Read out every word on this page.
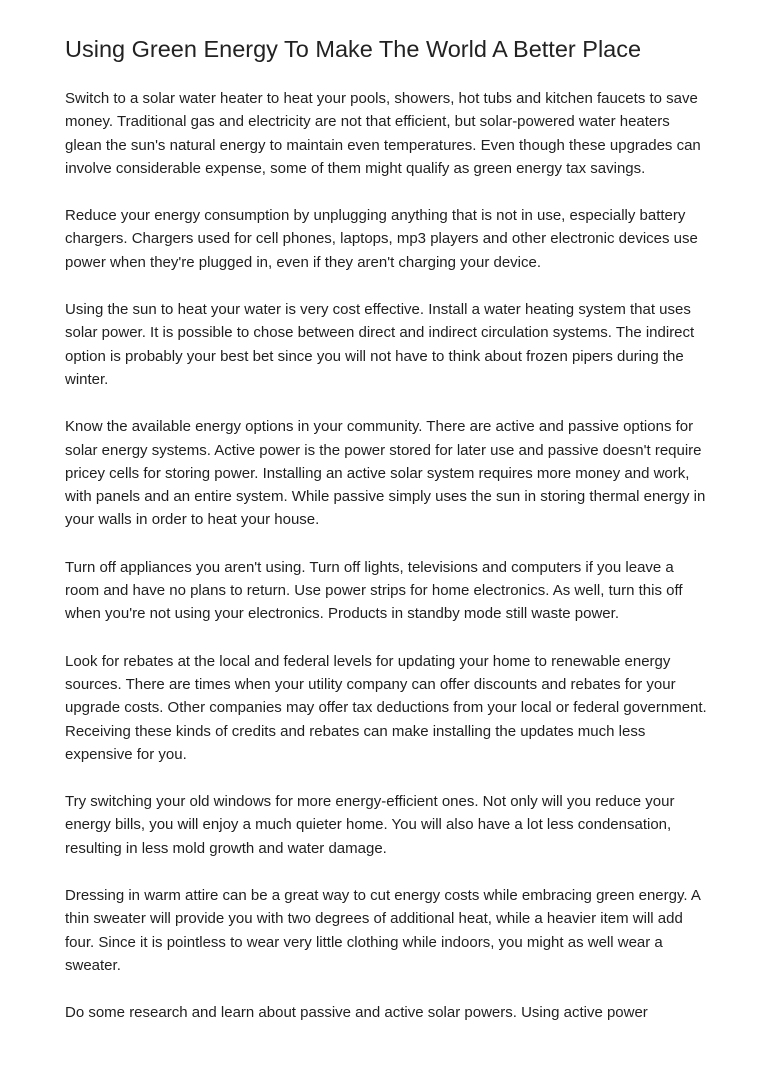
Using Green Energy To Make The World A Better Place

Switch to a solar water heater to heat your pools, showers, hot tubs and kitchen faucets to save money. Traditional gas and electricity are not that efficient, but solar-powered water heaters glean the sun's natural energy to maintain even temperatures. Even though these upgrades can involve considerable expense, some of them might qualify as green energy tax savings.

Reduce your energy consumption by unplugging anything that is not in use, especially battery chargers. Chargers used for cell phones, laptops, mp3 players and other electronic devices use power when they're plugged in, even if they aren't charging your device.

Using the sun to heat your water is very cost effective. Install a water heating system that uses solar power. It is possible to chose between direct and indirect circulation systems. The indirect option is probably your best bet since you will not have to think about frozen pipers during the winter.

Know the available energy options in your community. There are active and passive options for solar energy systems. Active power is the power stored for later use and passive doesn't require pricey cells for storing power. Installing an active solar system requires more money and work, with panels and an entire system. While passive simply uses the sun in storing thermal energy in your walls in order to heat your house.

Turn off appliances you aren't using. Turn off lights, televisions and computers if you leave a room and have no plans to return. Use power strips for home electronics. As well, turn this off when you're not using your electronics. Products in standby mode still waste power.

Look for rebates at the local and federal levels for updating your home to renewable energy sources. There are times when your utility company can offer discounts and rebates for your upgrade costs. Other companies may offer tax deductions from your local or federal government. Receiving these kinds of credits and rebates can make installing the updates much less expensive for you.

Try switching your old windows for more energy-efficient ones. Not only will you reduce your energy bills, you will enjoy a much quieter home. You will also have a lot less condensation, resulting in less mold growth and water damage.

Dressing in warm attire can be a great way to cut energy costs while embracing green energy. A thin sweater will provide you with two degrees of additional heat, while a heavier item will add four. Since it is pointless to wear very little clothing while indoors, you might as well wear a sweater.

Do some research and learn about passive and active solar powers. Using active power
